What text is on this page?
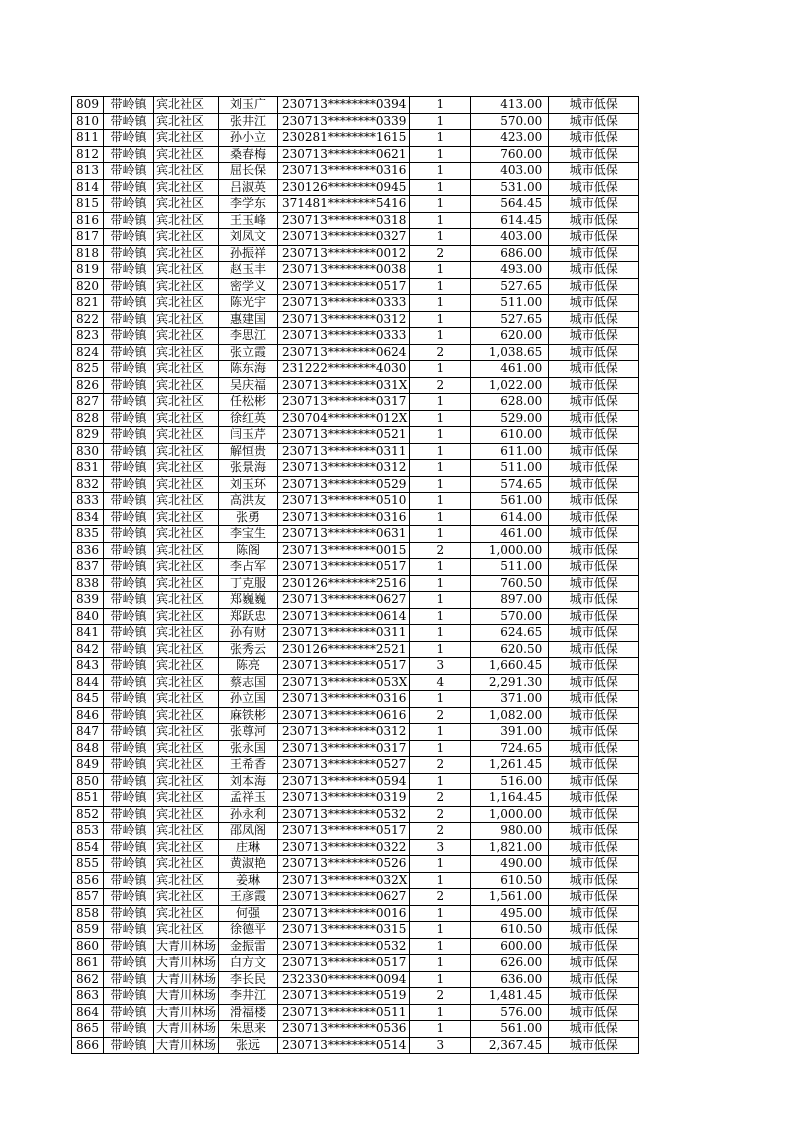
809	带岭镇	宾北社区	刘玉广	230713********0394	1	413.00	城市低保
810	带岭镇	宾北社区	张井江	230713********0339	1	570.00	城市低保
811	带岭镇	宾北社区	孙小立	230281********1615	1	423.00	城市低保
812	带岭镇	宾北社区	桑春梅	230713********0621	1	760.00	城市低保
813	带岭镇	宾北社区	屈长保	230713********0316	1	403.00	城市低保
814	带岭镇	宾北社区	吕淑英	230126********0945	1	531.00	城市低保
815	带岭镇	宾北社区	李学东	371481********5416	1	564.45	城市低保
816	带岭镇	宾北社区	王玉峰	230713********0318	1	614.45	城市低保
817	带岭镇	宾北社区	刘凤文	230713********0327	1	403.00	城市低保
818	带岭镇	宾北社区	孙振祥	230713********0012	2	686.00	城市低保
819	带岭镇	宾北社区	赵玉丰	230713********0038	1	493.00	城市低保
820	带岭镇	宾北社区	密学义	230713********0517	1	527.65	城市低保
821	带岭镇	宾北社区	陈光宇	230713********0333	1	511.00	城市低保
822	带岭镇	宾北社区	惠建国	230713********0312	1	527.65	城市低保
823	带岭镇	宾北社区	李思江	230713********0333	1	620.00	城市低保
824	带岭镇	宾北社区	张立霞	230713********0624	2	1,038.65	城市低保
825	带岭镇	宾北社区	陈东海	231222********4030	1	461.00	城市低保
826	带岭镇	宾北社区	吴庆福	230713********031X	2	1,022.00	城市低保
827	带岭镇	宾北社区	任松彬	230713********0317	1	628.00	城市低保
828	带岭镇	宾北社区	徐红英	230704********012X	1	529.00	城市低保
829	带岭镇	宾北社区	闫玉芹	230713********0521	1	610.00	城市低保
830	带岭镇	宾北社区	解恒贵	230713********0311	1	611.00	城市低保
831	带岭镇	宾北社区	张景海	230713********0312	1	511.00	城市低保
832	带岭镇	宾北社区	刘玉环	230713********0529	1	574.65	城市低保
833	带岭镇	宾北社区	高洪友	230713********0510	1	561.00	城市低保
834	带岭镇	宾北社区	张勇	230713********0316	1	614.00	城市低保
835	带岭镇	宾北社区	李宝生	230713********0631	1	461.00	城市低保
836	带岭镇	宾北社区	陈阁	230713********0015	2	1,000.00	城市低保
837	带岭镇	宾北社区	李占军	230713********0517	1	511.00	城市低保
838	带岭镇	宾北社区	丁克服	230126********2516	1	760.50	城市低保
839	带岭镇	宾北社区	郑巍巍	230713********0627	1	897.00	城市低保
840	带岭镇	宾北社区	郑跃忠	230713********0614	1	570.00	城市低保
841	带岭镇	宾北社区	孙有财	230713********0311	1	624.65	城市低保
842	带岭镇	宾北社区	张秀云	230126********2521	1	620.50	城市低保
843	带岭镇	宾北社区	陈亮	230713********0517	3	1,660.45	城市低保
844	带岭镇	宾北社区	蔡志国	230713********053X	4	2,291.30	城市低保
845	带岭镇	宾北社区	孙立国	230713********0316	1	371.00	城市低保
846	带岭镇	宾北社区	麻铁彬	230713********0616	2	1,082.00	城市低保
847	带岭镇	宾北社区	张尊河	230713********0312	1	391.00	城市低保
848	带岭镇	宾北社区	张永国	230713********0317	1	724.65	城市低保
849	带岭镇	宾北社区	王希香	230713********0527	2	1,261.45	城市低保
850	带岭镇	宾北社区	刘本海	230713********0594	1	516.00	城市低保
851	带岭镇	宾北社区	孟祥玉	230713********0319	2	1,164.45	城市低保
852	带岭镇	宾北社区	孙永利	230713********0532	2	1,000.00	城市低保
853	带岭镇	宾北社区	邵凤阁	230713********0517	2	980.00	城市低保
854	带岭镇	宾北社区	庄琳	230713********0322	3	1,821.00	城市低保
855	带岭镇	宾北社区	黄淑艳	230713********0526	1	490.00	城市低保
856	带岭镇	宾北社区	姜琳	230713********032X	1	610.50	城市低保
857	带岭镇	宾北社区	王彦霞	230713********0627	2	1,561.00	城市低保
858	带岭镇	宾北社区	何强	230713********0016	1	495.00	城市低保
859	带岭镇	宾北社区	徐德平	230713********0315	1	610.50	城市低保
860	带岭镇	大青川林场	金振雷	230713********0532	1	600.00	城市低保
861	带岭镇	大青川林场	白方文	230713********0517	1	626.00	城市低保
862	带岭镇	大青川林场	李长民	232330********0094	1	636.00	城市低保
863	带岭镇	大青川林场	李井江	230713********0519	2	1,481.45	城市低保
864	带岭镇	大青川林场	滑福楼	230713********0511	1	576.00	城市低保
865	带岭镇	大青川林场	朱思来	230713********0536	1	561.00	城市低保
866	带岭镇	大青川林场	张远	230713********0514	3	2,367.45	城市低保
